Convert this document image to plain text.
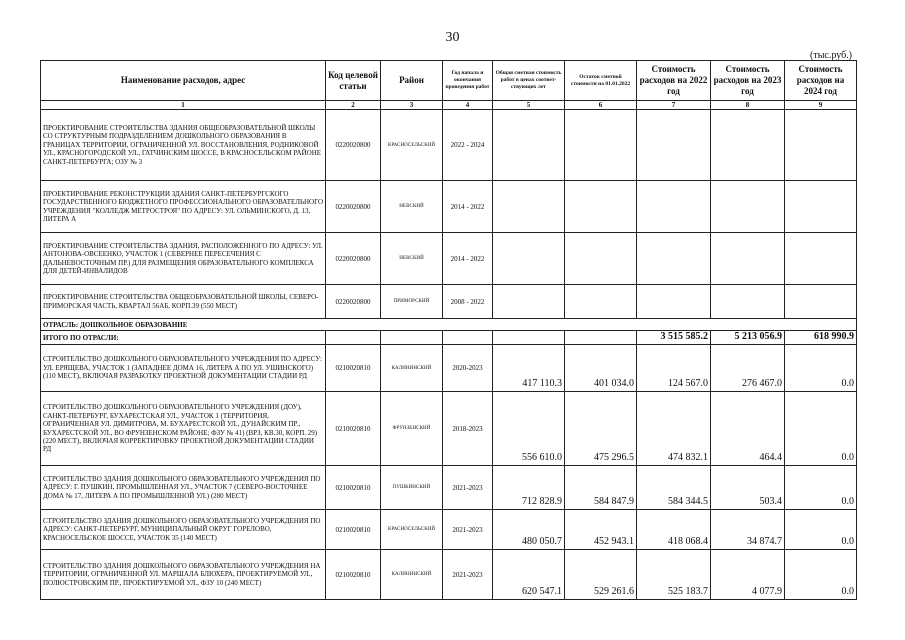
30
(тыс.руб.)
Наименование расходов, адрес	Код целевой статьи	Район	Год начала и окончания проведения работ	Общая сметная стоимость работ в ценах соответ-ствующих лет	Остаток сметной стоимости на 01.01.2022	Стоимость расходов на 2022 год	Стоимость расходов на 2023 год	Стоимость расходов на 2024 год
1	2	3	4	5	6	7	8	9
ПРОЕКТИРОВАНИЕ СТРОИТЕЛЬСТВА ЗДАНИЯ ОБЩЕОБРАЗОВАТЕЛЬНОЙ ШКОЛЫ СО СТРУКТУРНЫМ ПОДРАЗДЕЛЕНИЕМ ДОШКОЛЬНОГО ОБРАЗОВАНИЯ В ГРАНИЦАХ ТЕРРИТОРИИ, ОГРАНИЧЕННОЙ УЛ. ВОССТАНОВЛЕНИЯ, РОДНИКОВОЙ УЛ., КРАСНОГОРОДСКОЙ УЛ., ГАТЧИНСКИМ ШОССЕ, В КРАСНОСЕЛЬСКОМ РАЙОНЕ САНКТ-ПЕТЕРБУРГА; ОЗУ № 3	0220020800	КРАСНОСЕЛЬСКИЙ	2022 - 2024					
ПРОЕКТИРОВАНИЕ РЕКОНСТРУКЦИИ ЗДАНИЯ САНКТ-ПЕТЕРБУРГСКОГО ГОСУДАРСТВЕННОГО БЮДЖЕТНОГО ПРОФЕССИОНАЛЬНОГО ОБРАЗОВАТЕЛЬНОГО УЧРЕЖДЕНИЯ "КОЛЛЕДЖ МЕТРОСТРОЯ" ПО АДРЕСУ: УЛ. ОЛЬМИНСКОГО, Д. 13, ЛИТЕРА А	0220020800	НЕВСКИЙ	2014 - 2022					
ПРОЕКТИРОВАНИЕ СТРОИТЕЛЬСТВА ЗДАНИЯ, РАСПОЛОЖЕННОГО ПО АДРЕСУ: УЛ. АНТОНОВА-ОВСЕЕНКО, УЧАСТОК 1 (СЕВЕРНЕЕ ПЕРЕСЕЧЕНИЯ С ДАЛЬНЕВОСТОЧНЫМ ПР.) ДЛЯ РАЗМЕЩЕНИЯ ОБРАЗОВАТЕЛЬНОГО КОМПЛЕКСА ДЛЯ ДЕТЕЙ-ИНВАЛИДОВ	0220020800	НЕВСКИЙ	2014 - 2022					
ПРОЕКТИРОВАНИЕ СТРОИТЕЛЬСТВА ОБЩЕОБРАЗОВАТЕЛЬНОЙ ШКОЛЫ, СЕВЕРО-ПРИМОРСКАЯ ЧАСТЬ, КВАРТАЛ 56АБ, КОРП.39 (550 МЕСТ)	0220020800	ПРИМОРСКИЙ	2008 - 2022					
ОТРАСЛЬ: ДОШКОЛЬНОЕ ОБРАЗОВАНИЕ								
ИТОГО ПО ОТРАСЛИ:						3 515 585.2	5 213 056.9	618 990.9
СТРОИТЕЛЬСТВО ДОШКОЛЬНОГО ОБРАЗОВАТЕЛЬНОГО УЧРЕЖДЕНИЯ ПО АДРЕСУ: УЛ. ЕРЯЩЕВА, УЧАСТОК 1 (ЗАПАДНЕЕ ДОМА 16, ЛИТЕРА А ПО УЛ. УШИНСКОГО) (110 МЕСТ), ВКЛЮЧАЯ РАЗРАБОТКУ ПРОЕКТНОЙ ДОКУМЕНТАЦИИ СТАДИИ РД	0210020810	КАЛИНИНСКИЙ	2020-2023	417 110.3	401 034.0	124 567.0	276 467.0	0.0
СТРОИТЕЛЬСТВО ДОШКОЛЬНОГО ОБРАЗОВАТЕЛЬНОГО УЧРЕЖДЕНИЯ (ДОУ), САНКТ-ПЕТЕРБУРГ, БУХАРЕСТСКАЯ УЛ., УЧАСТОК 1 (ТЕРРИТОРИЯ, ОГРАНИЧЕННАЯ УЛ. ДИМИТРОВА, М. БУХАРЕСТСКОЙ УЛ., ДУНАЙСКИМ ПР., БУХАРЕСТСКОЙ УЛ., ВО ФРУНЗЕНСКОМ РАЙОНЕ; ФЗУ № 41) (ВРЗ, КВ.30, КОРП. 29) (220 МЕСТ), ВКЛЮЧАЯ КОРРЕКТИРОВКУ ПРОЕКТНОЙ ДОКУМЕНТАЦИИ СТАДИИ РД	0210020810	ФРУНЗЕНСКИЙ	2018-2023	556 610.0	475 296.5	474 832.1	464.4	0.0
СТРОИТЕЛЬСТВО ЗДАНИЯ ДОШКОЛЬНОГО ОБРАЗОВАТЕЛЬНОГО УЧРЕЖДЕНИЯ ПО АДРЕСУ: Г. ПУШКИН, ПРОМЫШЛЕННАЯ УЛ., УЧАСТОК 7 (СЕВЕРО-ВОСТОЧНЕЕ ДОМА № 17, ЛИТЕРА А ПО ПРОМЫШЛЕННОЙ УЛ.) (280 МЕСТ)	0210020810	ПУШКИНСКИЙ	2021-2023	712 828.9	584 847.9	584 344.5	503.4	0.0
СТРОИТЕЛЬСТВО ЗДАНИЯ ДОШКОЛЬНОГО ОБРАЗОВАТЕЛЬНОГО УЧРЕЖДЕНИЯ ПО АДРЕСУ: САНКТ-ПЕТЕРБУРГ, МУНИЦИПАЛЬНЫЙ ОКРУГ ГОРЕЛОВО, КРАСНОСЕЛЬСКОЕ ШОССЕ, УЧАСТОК 35 (140 МЕСТ)	0210020810	КРАСНОСЕЛЬСКИЙ	2021-2023	480 050.7	452 943.1	418 068.4	34 874.7	0.0
СТРОИТЕЛЬСТВО ЗДАНИЯ ДОШКОЛЬНОГО ОБРАЗОВАТЕЛЬНОГО УЧРЕЖДЕНИЯ НА ТЕРРИТОРИИ, ОГРАНИЧЕННОЙ УЛ. МАРШАЛА БЛЮХЕРА, ПРОЕКТИРУЕМОЙ УЛ., ПОЛЮСТРОВСКИМ ПР., ПРОЕКТИРУЕМОЙ УЛ., ФЗУ 10 (240 МЕСТ)	0210020810	КАЛИНИНСКИЙ	2021-2023	620 547.1	529 261.6	525 183.7	4 077.9	0.0
